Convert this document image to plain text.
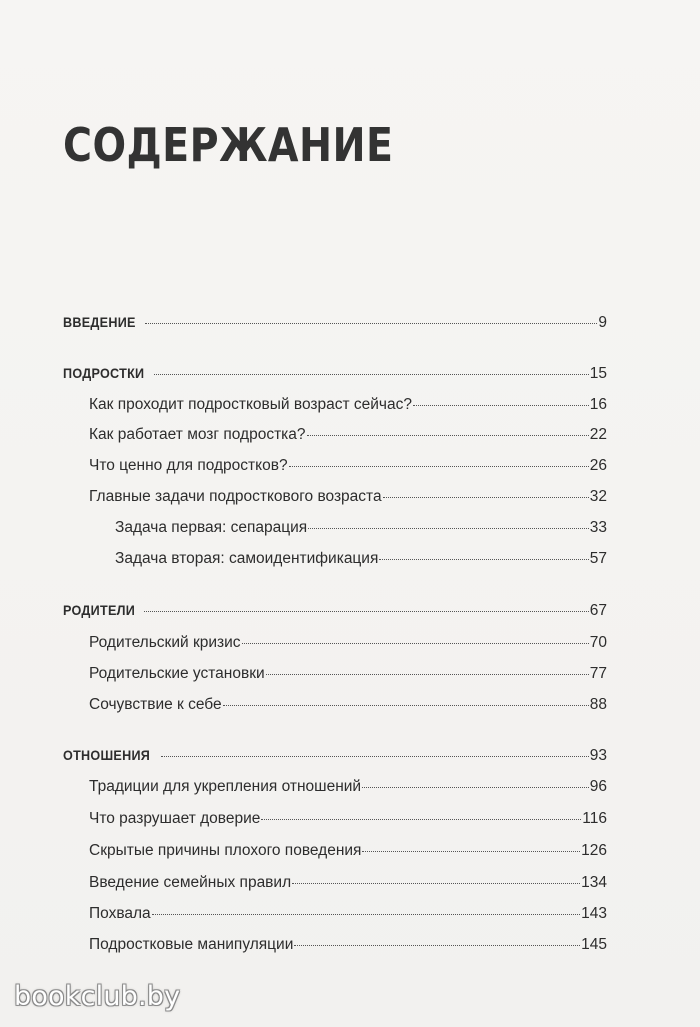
СОДЕРЖАНИЕ
ВВЕДЕНИЕ	9
ПОДРОСТКИ	15
Как проходит подростковый возраст сейчас?	16
Как работает мозг подростка?	22
Что ценно для подростков?	26
Главные задачи подросткового возраста	32
Задача первая: сепарация	33
Задача вторая: самоидентификация	57
РОДИТЕЛИ	67
Родительский кризис	70
Родительские установки	77
Сочувствие к себе	88
ОТНОШЕНИЯ	93
Традиции для укрепления отношений	96
Что разрушает доверие	116
Скрытые причины плохого поведения	126
Введение семейных правил	134
Похвала	143
Подростковые манипуляции	145
bookclub.by
